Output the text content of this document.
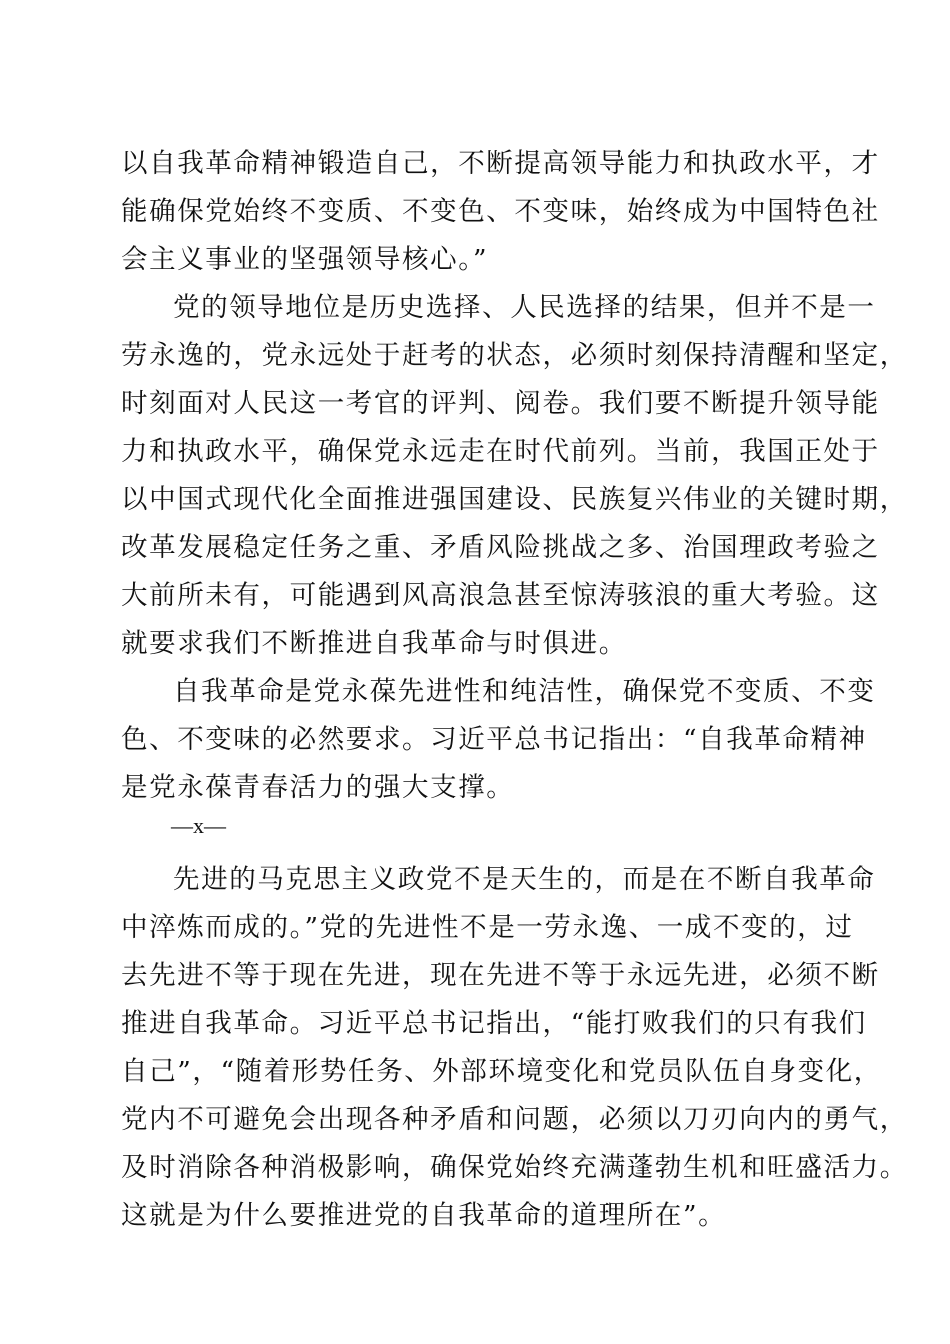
以自我革命精神锻造自己，不断提高领导能力和执政水平，才
能确保党始终不变质、不变色、不变味，始终成为中国特色社
会主义事业的坚强领导核心。”
党的领导地位是历史选择、人民选择的结果，但并不是一
劳永逸的，党永远处于赶考的状态，必须时刻保持清醒和坚定，
时刻面对人民这一考官的评判、阅卷。我们要不断提升领导能
力和执政水平，确保党永远走在时代前列。当前，我国正处于
以中国式现代化全面推进强国建设、民族复兴伟业的关键时期，
改革发展稳定任务之重、矛盾风险挑战之多、治国理政考验之
大前所未有，可能遇到风高浪急甚至惊涛骇浪的重大考验。这
就要求我们不断推进自我革命与时俱进。
自我革命是党永葆先进性和纯洁性，确保党不变质、不变
色、不变味的必然要求。习近平总书记指出：“自我革命精神
是党永葆青春活力的强大支撑。
—x—
先进的马克思主义政党不是天生的，而是在不断自我革命
中淬炼而成的。”党的先进性不是一劳永逸、一成不变的，过
去先进不等于现在先进，现在先进不等于永远先进，必须不断
推进自我革命。习近平总书记指出，“能打败我们的只有我们
自己”，“随着形势任务、外部环境变化和党员队伍自身变化，
党内不可避免会出现各种矛盾和问题，必须以刀刃向内的勇气，
及时消除各种消极影响，确保党始终充满蓬勃生机和旺盛活力。
这就是为什么要推进党的自我革命的道理所在”。
